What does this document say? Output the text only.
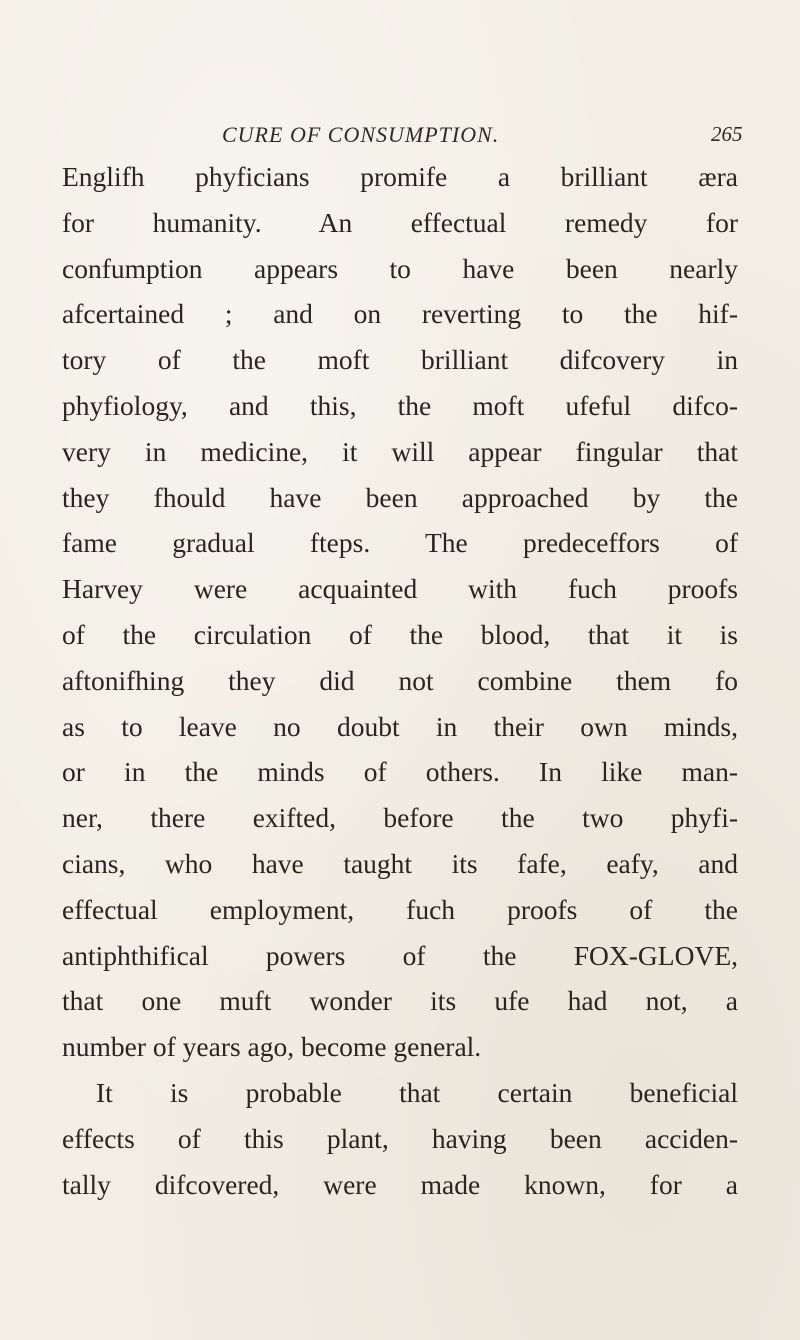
CURE OF CONSUMPTION.	265
Englifh phyficians promife a brilliant æra
for humanity. An effectual remedy for
confumption appears to have been nearly
afcertained ; and on reverting to the hif-
tory of the moft brilliant difcovery in
phyfiology, and this, the moft ufeful difco-
very in medicine, it will appear fingular that
they fhould have been approached by the
fame gradual fteps. The predeceffors of
Harvey were acquainted with fuch proofs
of the circulation of the blood, that it is
aftonifhing they did not combine them fo
as to leave no doubt in their own minds,
or in the minds of others. In like man-
ner, there exifted, before the two phyfi-
cians, who have taught its fafe, eafy, and
effectual employment, fuch proofs of the
antiphthifical powers of the FOX-GLOVE,
that one muft wonder its ufe had not, a
number of years ago, become general.
It is probable that certain beneficial
effects of this plant, having been acciden-
tally difcovered, were made known, for a
